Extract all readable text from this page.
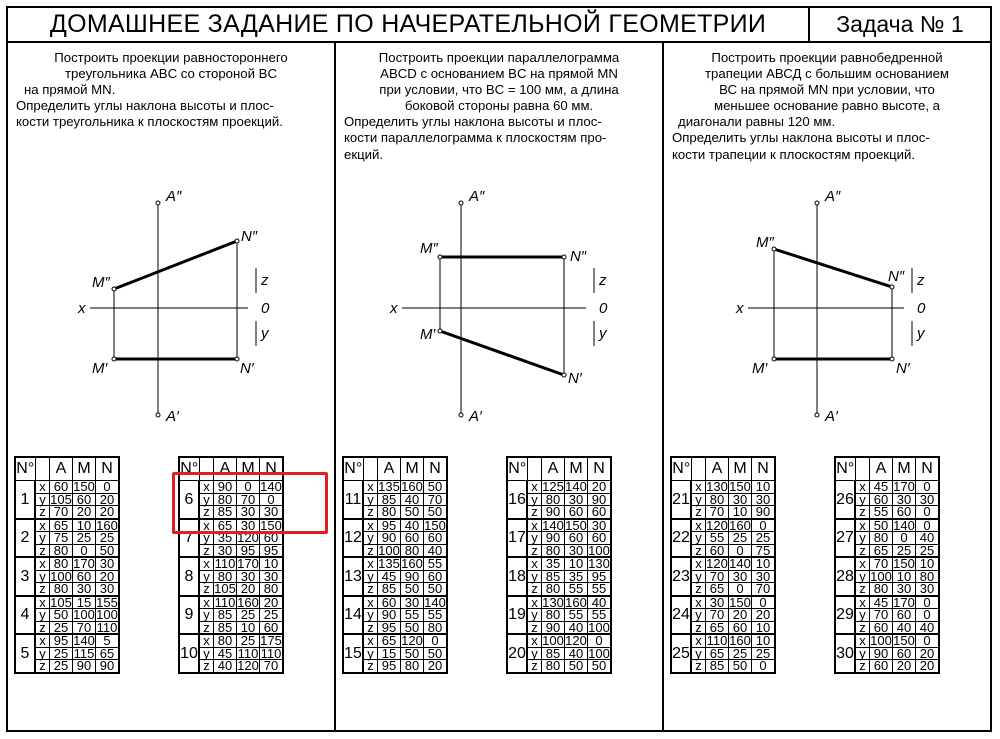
ДОМАШНЕЕ ЗАДАНИЕ ПО НАЧЕРАТЕЛЬНОЙ ГЕОМЕТРИИ	Задача № 1
Построить проекции равностороннего
треугольника ABC со стороной BC
на прямой MN.
Определить углы наклона высоты и плос-
кости треугольника к плоскостям проекций.
A″
N″
M″
x	0
z
y
M′	N′
A′
N°		A	M	N
1	x	60	150	0
	y	105	60	20
	z	70	20	20
2	x	65	10	160
	y	75	25	25
	z	80	0	50
3	x	80	170	30
	y	100	60	20
	z	80	30	30
4	x	105	15	155
	y	50	100	100
	z	25	70	110
5	x	95	140	5
	y	25	115	65
	z	25	90	90
N°		A	M	N
6	x	90	0	140
	y	80	70	0
	z	85	30	30
7	x	65	30	150
	y	35	120	60
	z	30	95	95
8	x	110	170	10
	y	80	30	30
	z	105	20	80
9	x	110	160	20
	y	85	25	25
	z	85	10	60
10	x	80	25	175
	y	45	110	110
	z	40	120	70
Построить проекции параллелограмма
ABCD с основанием BC на прямой MN
при условии, что BC = 100 мм, а длина
боковой стороны равна 60 мм.
Определить углы наклона высоты и плос-
кости параллелограмма к плоскостям про-
екций.
A″
N″
M″
x	0
z
y
M′
N′
A′
N°		A	M	N
11	x	135	160	50
	y	85	40	70
	z	80	50	50
12	x	95	40	150
	y	90	60	60
	z	100	80	40
13	x	135	160	55
	y	45	90	60
	z	85	50	50
14	x	60	30	140
	y	90	55	55
	z	95	50	80
15	x	65	120	0
	y	15	50	50
	z	95	80	20
N°		A	M	N
16	x	125	140	20
	y	80	30	90
	z	90	60	60
17	x	140	150	30
	y	90	60	60
	z	80	30	100
18	x	35	10	130
	y	85	35	95
	z	80	55	55
19	x	130	160	40
	y	80	55	55
	z	90	40	100
20	x	100	120	0
	y	85	40	100
	z	80	50	50
Построить проекции равнобедренной
трапеции АВСД с большим основанием
ВС на прямой MN при условии, что
меньшее основание равно высоте, а
диагонали равны 120 мм.
Определить углы наклона высоты и плос-
кости трапеции к плоскостям проекций.
A″
N″
M″
x	0
z
y
M′	N′
A′
N°		A	M	N
21	x	130	150	10
	y	80	30	30
	z	70	10	90
22	x	120	160	0
	y	55	25	25
	z	60	0	75
23	x	120	140	10
	y	70	30	30
	z	65	0	70
24	x	30	150	0
	y	70	20	20
	z	65	60	10
25	x	110	160	10
	y	65	25	25
	z	85	50	0
N°		A	M	N
26	x	45	170	0
	y	60	30	30
	z	55	60	0
27	x	50	140	0
	y	80	0	40
	z	65	25	25
28	x	70	150	10
	y	100	10	80
	z	80	30	30
29	x	45	170	0
	y	70	60	0
	z	60	40	40
30	x	100	150	0
	y	90	60	20
	z	60	20	20
